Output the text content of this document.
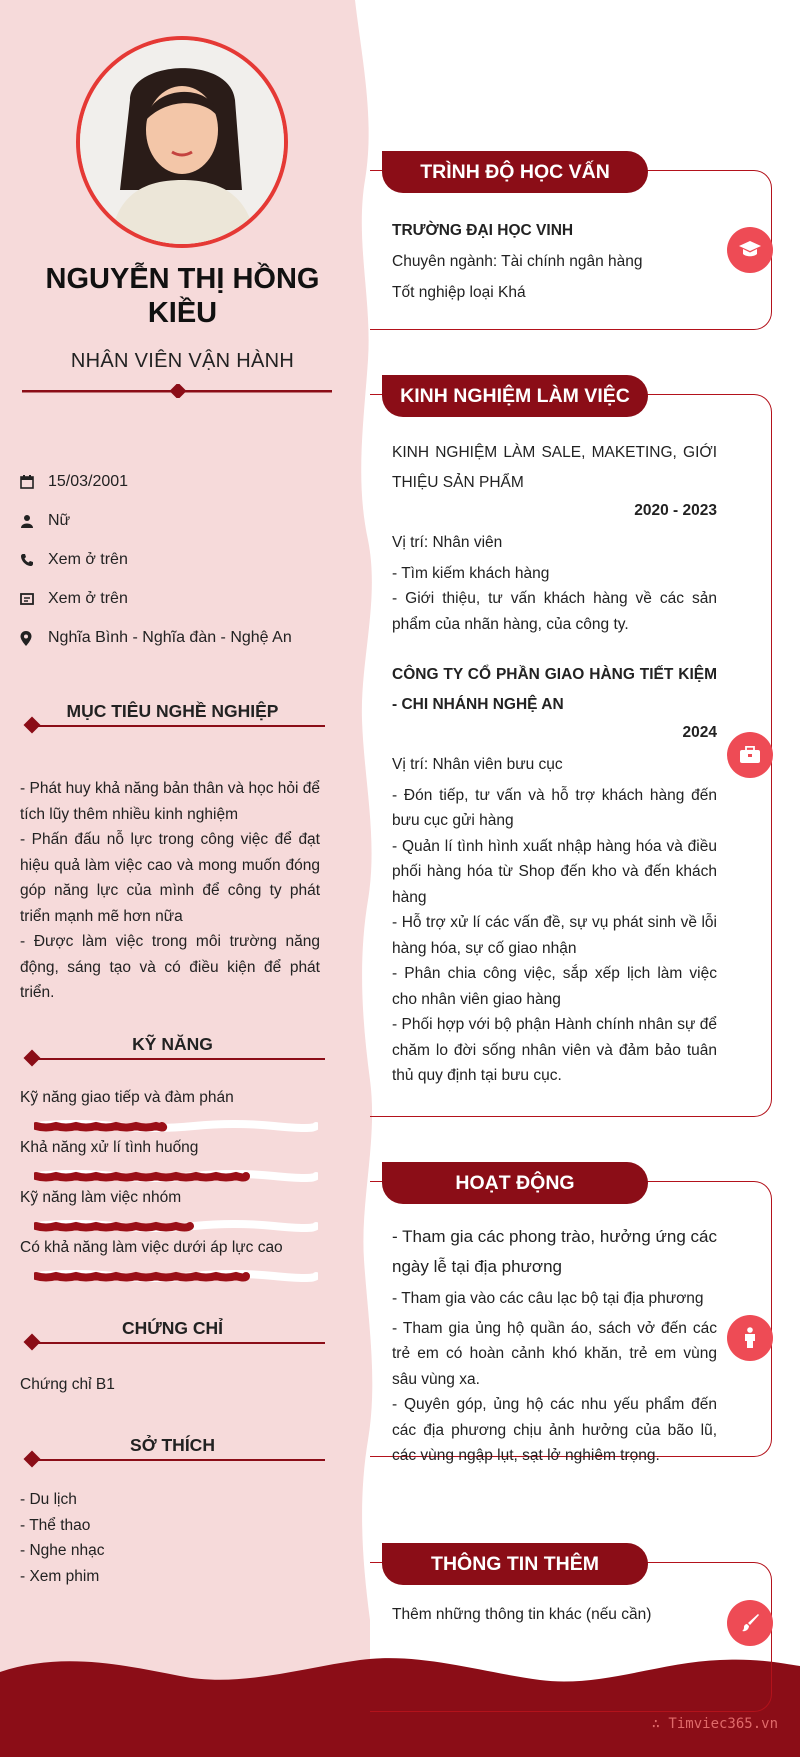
NGUYỄN THỊ HỒNG KIỀU
NHÂN VIÊN VẬN HÀNH
15/03/2001
Nữ
Xem ở trên
Xem ở trên
Nghĩa Bình - Nghĩa đàn - Nghệ An
MỤC TIÊU NGHỀ NGHIỆP

- Phát huy khả năng bản thân và học hỏi để tích lũy thêm nhiều kinh nghiệm

- Phấn đấu nỗ lực trong công việc để đạt hiệu quả làm việc cao và mong muốn đóng góp năng lực của mình để công ty phát triển mạnh mẽ hơn nữa

- Được làm việc trong môi trường năng động, sáng tạo và có điều kiện để phát triển.

KỸ NĂNG
Kỹ năng giao tiếp và đàm phán
Khả năng xử lí tình huống
Kỹ năng làm việc nhóm
Có khả năng làm việc dưới áp lực cao
CHỨNG CHỈ
Chứng chỉ B1
SỞ THÍCH

- Du lịch

- Thể thao

- Nghe nhạc

- Xem phim

TRÌNH ĐỘ HỌC VẤN

TRƯỜNG ĐẠI HỌC VINH

Chuyên ngành: Tài chính ngân hàng

Tốt nghiệp loại Khá

KINH NGHIỆM LÀM VIỆC
KINH NGHIỆM LÀM SALE, MAKETING, GIỚI THIỆU SẢN PHẨM
2020 - 2023

Vị trí: Nhân viên

- Tìm kiếm khách hàng

- Giới thiệu, tư vấn khách hàng về các sản phẩm của nhãn hàng, của công ty.

CÔNG TY CỔ PHẦN GIAO HÀNG TIẾT KIỆM - CHI NHÁNH NGHỆ AN
2024

Vị trí: Nhân viên bưu cục

- Đón tiếp, tư vấn và hỗ trợ khách hàng đến bưu cục gửi hàng

- Quản lí tình hình xuất nhập hàng hóa và điều phối hàng hóa từ Shop đến kho và đến khách hàng

- Hỗ trợ xử lí các vấn đề, sự vụ phát sinh về lỗi hàng hóa, sự cố giao nhận

- Phân chia công việc, sắp xếp lịch làm việc cho nhân viên giao hàng

- Phối hợp với bộ phận Hành chính nhân sự để chăm lo đời sống nhân viên và đảm bảo tuân thủ quy định tại bưu cục.

HOẠT ĐỘNG

- Tham gia các phong trào, hưởng ứng các ngày lễ tại địa phương

- Tham gia vào các câu lạc bộ tại địa phương

- Tham gia ủng hộ quần áo, sách vở đến các trẻ em có hoàn cảnh khó khăn, trẻ em vùng sâu vùng xa.

- Quyên góp, ủng hộ các nhu yếu phẩm đến các địa phương chịu ảnh hưởng của bão lũ, các vùng ngập lụt, sạt lở nghiêm trọng.

THÔNG TIN THÊM
Thêm những thông tin khác (nếu cần)
∴ Timviec365.vn
